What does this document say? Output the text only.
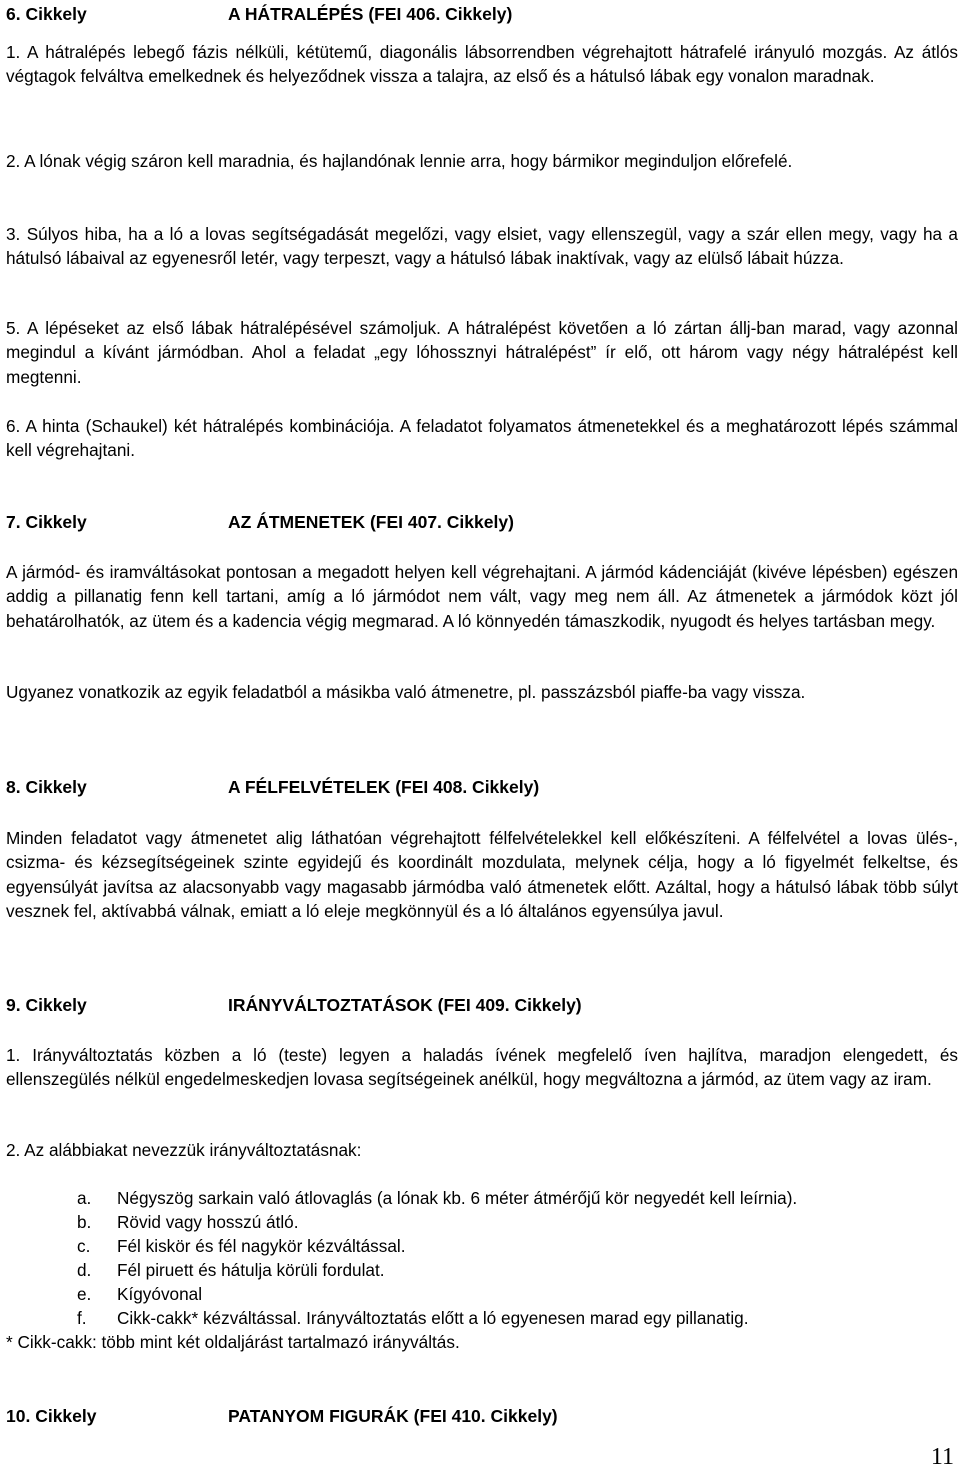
6. Cikkely	A HÁTRALÉPÉS (FEI 406. Cikkely)
1. A hátralépés lebegő fázis nélküli, kétütemű, diagonális lábsorrendben végrehajtott hátrafelé irányuló mozgás. Az átlós végtagok felváltva emelkednek és helyeződnek vissza a talajra, az első és a hátulsó lábak egy vonalon maradnak.
2. A lónak végig száron kell maradnia, és hajlandónak lennie arra, hogy bármikor meginduljon előrefelé.
3. Súlyos hiba, ha a ló a lovas segítségadását megelőzi, vagy elsiet, vagy ellenszegül, vagy a szár ellen megy, vagy ha a hátulsó lábaival az egyenesről letér, vagy terpeszt, vagy a hátulsó lábak inaktívak, vagy az elülső lábait húzza.
5. A lépéseket az első lábak hátralépésével számoljuk. A hátralépést követően a ló zártan állj-ban marad, vagy azonnal megindul a kívánt jármódban. Ahol a feladat „egy lóhossznyi hátralépést” ír elő, ott három vagy négy hátralépést kell megtenni.
6. A hinta (Schaukel) két hátralépés kombinációja. A feladatot folyamatos átmenetekkel és a meghatározott lépés számmal kell végrehajtani.
7. Cikkely	AZ ÁTMENETEK (FEI 407. Cikkely)
A jármód- és iramváltásokat pontosan a megadott helyen kell végrehajtani. A jármód kádenciáját (kivéve lépésben) egészen addig a pillanatig fenn kell tartani, amíg a ló jármódot nem vált, vagy meg nem áll. Az átmenetek a jármódok közt jól behatárolhatók, az ütem és a kadencia végig megmarad. A ló könnyedén támaszkodik, nyugodt és helyes tartásban megy.
Ugyanez vonatkozik az egyik feladatból a másikba való átmenetre, pl. passzázsból piaffe-ba vagy vissza.
8. Cikkely	A FÉLFELVÉTELEK (FEI 408. Cikkely)
Minden feladatot vagy átmenetet alig láthatóan végrehajtott félfelvételekkel kell előkészíteni. A félfelvétel a lovas ülés-, csizma- és kézsegítségeinek szinte egyidejű és koordinált mozdulata, melynek célja, hogy a ló figyelmét felkeltse, és egyensúlyát javítsa az alacsonyabb vagy magasabb jármódba való átmenetek előtt. Azáltal, hogy a hátulsó lábak több súlyt vesznek fel, aktívabbá válnak, emiatt a ló eleje megkönnyül és a ló általános egyensúlya javul.
9. Cikkely	IRÁNYVÁLTOZTATÁSOK (FEI 409. Cikkely)
1. Irányváltoztatás közben a ló (teste) legyen a haladás ívének megfelelő íven hajlítva, maradjon elengedett, és ellenszegülés nélkül engedelmeskedjen lovasa segítségeinek anélkül, hogy megváltozna a jármód, az ütem vagy az iram.
2. Az alábbiakat nevezzük irányváltoztatásnak:
a.	Négyszög sarkain való átlovaglás (a lónak kb. 6 méter átmérőjű kör negyedét kell leírnia).
b.	Rövid vagy hosszú átló.
c.	Fél kiskör és fél nagykör kézváltással.
d.	Fél piruett és hátulja körüli fordulat.
e.	Kígyóvonal
f.	Cikk-cakk* kézváltással. Irányváltoztatás előtt a ló egyenesen marad egy pillanatig.
* Cikk-cakk: több mint két oldaljárást tartalmazó irányváltás.
10. Cikkely	PATANYOM FIGURÁK (FEI 410. Cikkely)
11
